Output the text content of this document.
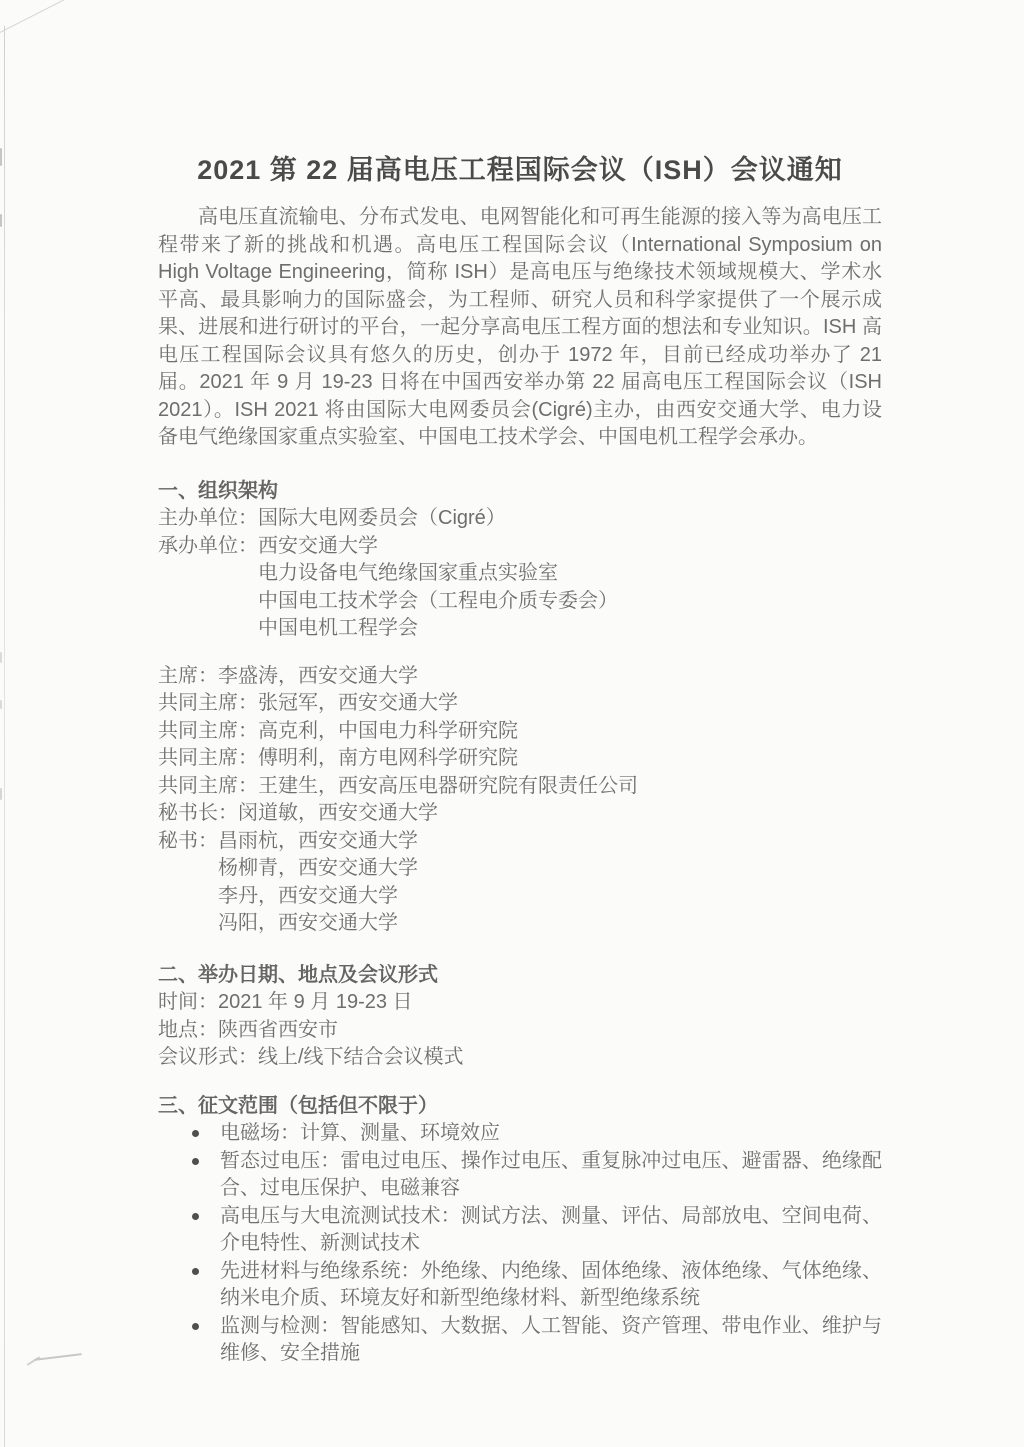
2021 第 22 届高电压工程国际会议（ISH）会议通知

高电压直流输电、分布式发电、电网智能化和可再生能源的接入等为高电压工程带来了新的挑战和机遇。高电压工程国际会议（International Symposium on High Voltage Engineering，简称 ISH）是高电压与绝缘技术领域规模大、学术水平高、最具影响力的国际盛会，为工程师、研究人员和科学家提供了一个展示成果、进展和进行研讨的平台，一起分享高电压工程方面的想法和专业知识。ISH 高电压工程国际会议具有悠久的历史，创办于 1972 年，目前已经成功举办了 21 届。2021 年 9 月 19-23 日将在中国西安举办第 22 届高电压工程国际会议（ISH 2021）。ISH 2021 将由国际大电网委员会(Cigré)主办，由西安交通大学、电力设备电气绝缘国家重点实验室、中国电工技术学会、中国电机工程学会承办。

一、组织架构
主办单位： 国际大电网委员会（Cigré）
承办单位： 西安交通大学
电力设备电气绝缘国家重点实验室
中国电工技术学会（工程电介质专委会）
中国电机工程学会
主席：李盛涛，西安交通大学
共同主席：张冠军，西安交通大学
共同主席：高克利，中国电力科学研究院
共同主席：傅明利，南方电网科学研究院
共同主席：王建生，西安高压电器研究院有限责任公司
秘书长：闵道敏，西安交通大学
秘书： 昌雨杭，西安交通大学
杨柳青，西安交通大学
李丹，西安交通大学
冯阳，西安交通大学
二、举办日期、地点及会议形式
时间：2021 年 9 月 19-23 日
地点：陕西省西安市
会议形式：线上/线下结合会议模式
三、征文范围（包括但不限于）
电磁场：计算、测量、环境效应
暂态过电压：雷电过电压、操作过电压、重复脉冲过电压、避雷器、绝缘配合、过电压保护、电磁兼容
高电压与大电流测试技术：测试方法、测量、评估、局部放电、空间电荷、介电特性、新测试技术
先进材料与绝缘系统：外绝缘、内绝缘、固体绝缘、液体绝缘、气体绝缘、纳米电介质、环境友好和新型绝缘材料、新型绝缘系统
监测与检测：智能感知、大数据、人工智能、资产管理、带电作业、维护与维修、安全措施
